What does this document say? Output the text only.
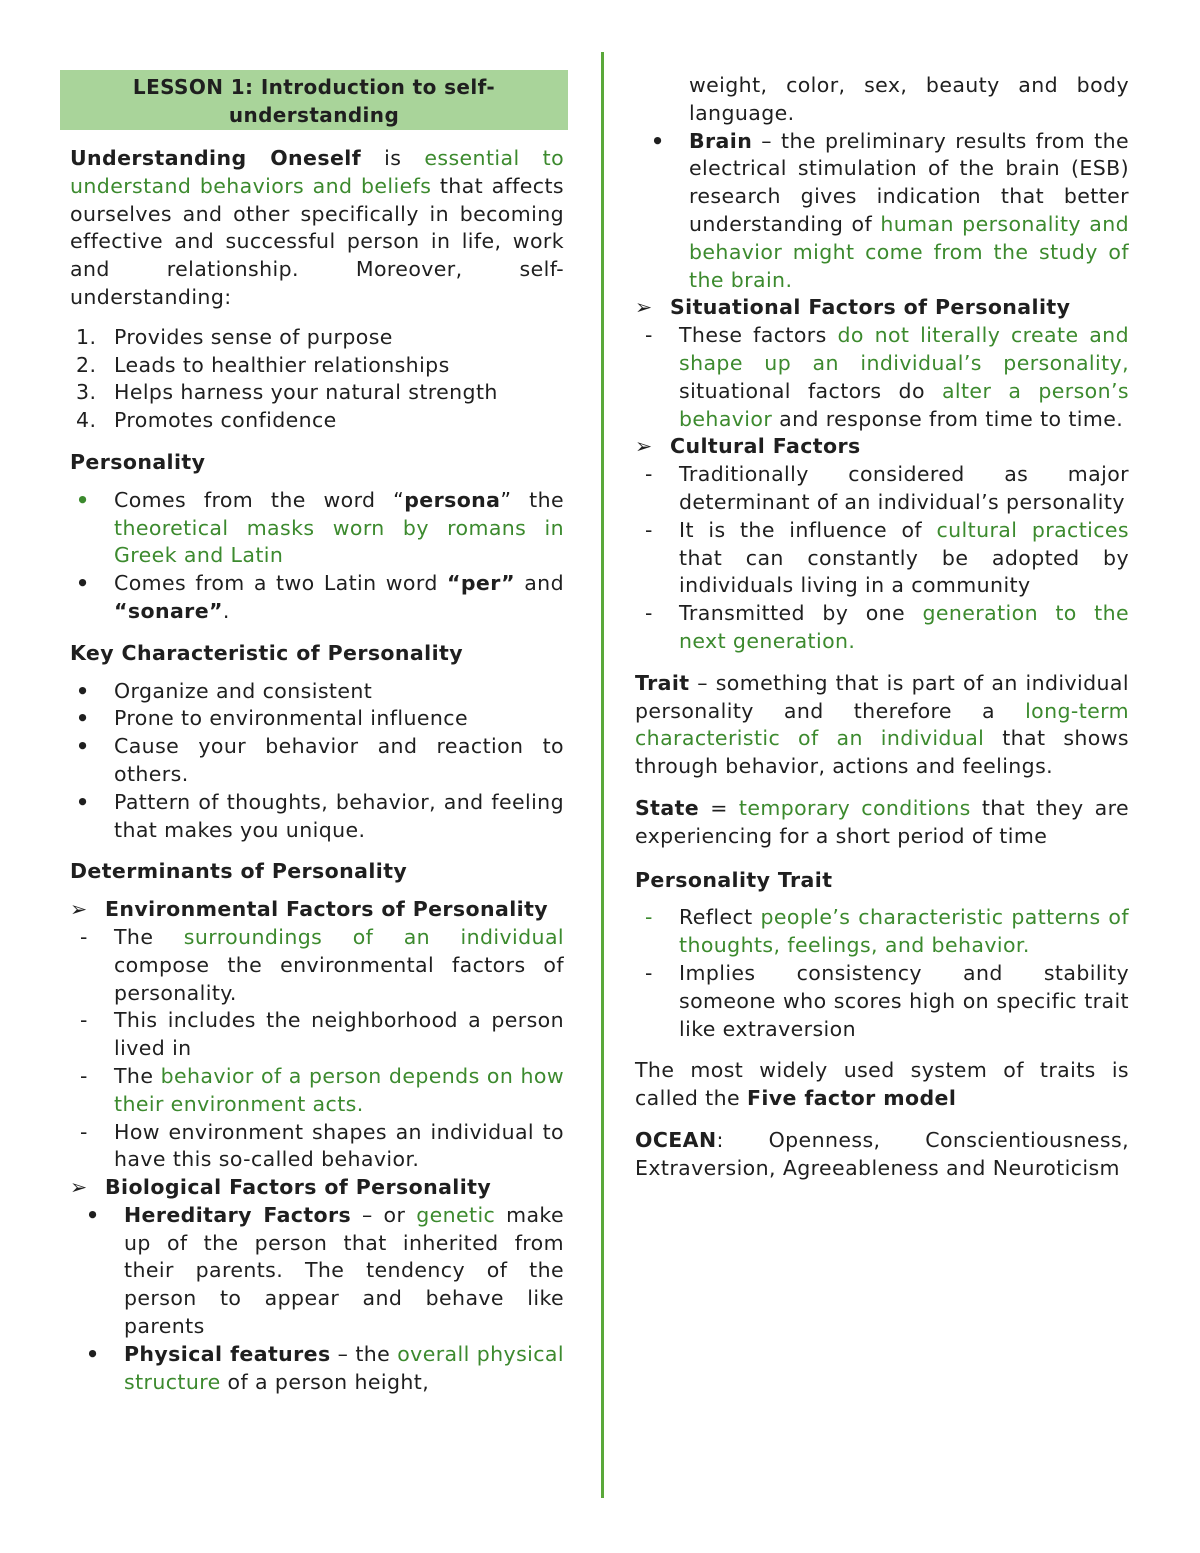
LESSON 1: Introduction to self-understanding

Understanding Oneself is essential to understand behaviors and beliefs that affects ourselves and other specifically in becoming effective and successful person in life, work and relationship. Moreover, self-understanding:

1. Provides sense of purpose
2. Leads to healthier relationships
3. Helps harness your natural strength
4. Promotes confidence
Personality
• Comes from the word “persona” the theoretical masks worn by romans in Greek and Latin
• Comes from a two Latin word “per” and “sonare”.
Key Characteristic of Personality
• Organize and consistent
• Prone to environmental influence
• Cause your behavior and reaction to others.
• Pattern of thoughts, behavior, and feeling that makes you unique.
Determinants of Personality
➢ Environmental Factors of Personality
- The surroundings of an individual compose the environmental factors of personality.
- This includes the neighborhood a person lived in
- The behavior of a person depends on how their environment acts.
- How environment shapes an individual to have this so-called behavior.
➢ Biological Factors of Personality
• Hereditary Factors – or genetic make up of the person that inherited from their parents. The tendency of the person to appear and behave like parents
• Physical features – the overall physical structure of a person height,

weight, color, sex, beauty and body language.

• Brain – the preliminary results from the electrical stimulation of the brain (ESB) research gives indication that better understanding of human personality and behavior might come from the study of the brain.
➢ Situational Factors of Personality
- These factors do not literally create and shape up an individual’s personality, situational factors do alter a person’s behavior and response from time to time.
➢ Cultural Factors
- Traditionally considered as major determinant of an individual’s personality
- It is the influence of cultural practices that can constantly be adopted by individuals living in a community
- Transmitted by one generation to the next generation.

Trait – something that is part of an individual personality and therefore a long-term characteristic of an individual that shows through behavior, actions and feelings.

State = temporary conditions that they are experiencing for a short period of time

Personality Trait
- Reflect people’s characteristic patterns of thoughts, feelings, and behavior.
- Implies consistency and stability someone who scores high on specific trait like extraversion

The most widely used system of traits is called the Five factor model

OCEAN: Openness, Conscientiousness, Extraversion, Agreeableness and Neuroticism
